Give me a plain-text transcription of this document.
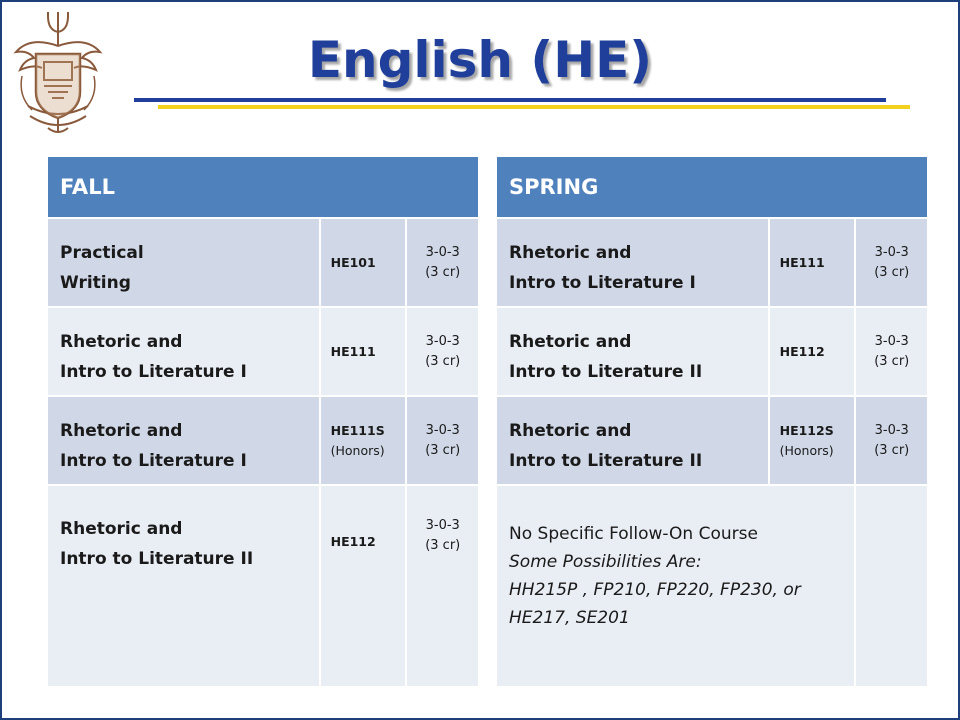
English (HE)
FALL		
Practical
Writing	HE101	3-0-3
(3 cr)

Rhetoric and
Intro to Literature I	HE111	3-0-3
(3 cr)

Rhetoric and
Intro to Literature I	HE111S
(Honors)	3-0-3
(3 cr)

Rhetoric and
Intro to Literature II	HE112	3-0-3
(3 cr)
SPRING		
Rhetoric and
Intro to Literature I	HE111	3-0-3
(3 cr)

Rhetoric and
Intro to Literature II	HE112	3-0-3
(3 cr)

Rhetoric and
Intro to Literature II	HE112S
(Honors)	3-0-3
(3 cr)

No Specific Follow-On Course
Some Possibilities Are:
HH215P , FP210, FP220, FP230, or
HE217, SE201		
